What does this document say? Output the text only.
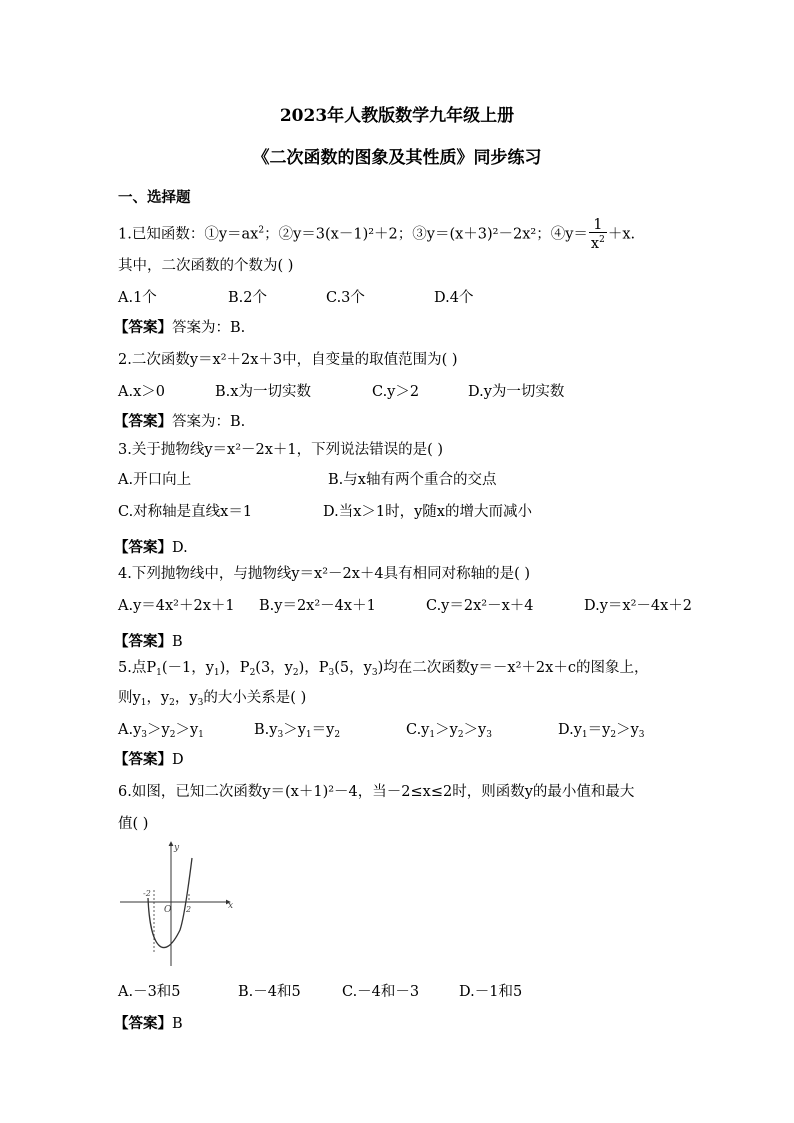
2023年人教版数学九年级上册
《二次函数的图象及其性质》同步练习
一、选择题
1.已知函数：$①y=ax^2$；②y＝3(x－1)²＋2；③y＝(x＋3)²－2x²；④y＝ $\frac{1}{x^2} +x$.
其中，二次函数的个数为( )
A.1个	B.2个	C.3个	D.4个
【答案】答案为：B.
2.二次函数y＝x²＋2x＋3中，自变量的取值范围为( )
A.x＞0	B.x为一切实数	C.y＞2	D.y为一切实数
【答案】答案为：B.
3.关于抛物线y＝x²－2x＋1，下列说法错误的是( )
A.开口向上	B.与x轴有两个重合的交点
C.对称轴是直线x＝1	D.当x＞1时，y随x的增大而减小
【答案】D.
4.下列抛物线中，与抛物线y＝x²－2x＋4具有相同对称轴的是( )
A.y＝4x²＋2x＋1 B.y＝2x²－4x＋1	C.y＝2x²－x＋4	D.y＝x²－4x＋2
【答案】B
5.点$P_1(-1$，$y_1$)，$P_2(3$，$y_2$)，$P_3(5$，$y_3$)均在二次函数y＝－x²＋2x＋c的图象上，
则$y_1$，$y_2$，$y_3$的大小关系是( )
$A.y_3>y_2>y_1$	$B.y_3>y_1=y_2$	$C.y_1>y_2>y_3$	$D.y_1=y_2>y_3$
【答案】D
6.如图，已知二次函数y＝(x＋1)²－4，当－2≤x≤2时，则函数y的最小值和最大
值( )
y
x
O
-2
2
A.－3和5	B.－4和5	C.－4和－3	D.－1和5
【答案】B
